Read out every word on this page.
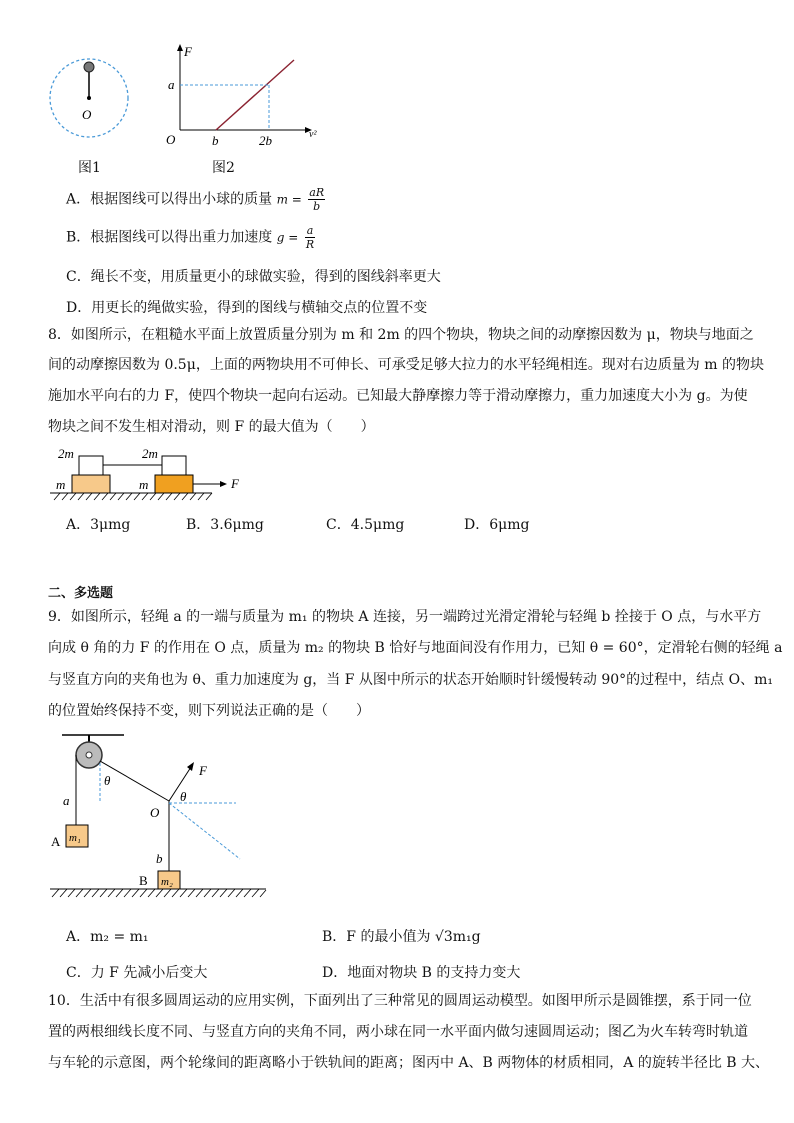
O
图1
F
a
O	b	2b	v²
图2
A．根据图线可以得出小球的质量 $m = \frac{aR}{b}$
B．根据图线可以得出重力加速度 $g = \frac{a}{R}$
C．绳长不变，用质量更小的球做实验，得到的图线斜率更大
D．用更长的绳做实验，得到的图线与横轴交点的位置不变
8．如图所示，在粗糙水平面上放置质量分别为 m 和 2m 的四个物块，物块之间的动摩擦因数为 μ，物块与地面之
间的动摩擦因数为 0.5μ，上面的两物块用不可伸长、可承受足够大拉力的水平轻绳相连。现对右边质量为 m 的物块
施加水平向右的力 F，使四个物块一起向右运动。已知最大静摩擦力等于滑动摩擦力，重力加速度大小为 g。为使
物块之间不发生相对滑动，则 F 的最大值为（　　）
2m	2m
m	m	F
A．3μmg	B．3.6μmg	C．4.5μmg	D．6μmg
二、多选题
9．如图所示，轻绳 a 的一端与质量为 m₁ 的物块 A 连接，另一端跨过光滑定滑轮与轻绳 b 拴接于 O 点，与水平方
向成 θ 角的力 F 的作用在 O 点，质量为 m₂ 的物块 B 恰好与地面间没有作用力，已知 θ = 60°，定滑轮右侧的轻绳 a
与竖直方向的夹角也为 θ、重力加速度为 g，当 F 从图中所示的状态开始顺时针缓慢转动 90°的过程中，结点 O、m₁
的位置始终保持不变，则下列说法正确的是（　　）
θ
θ
F
O
a
b
A
B
m₁
m₂
A．m₂ = m₁	B．F 的最小值为 √3m₁g
C．力 F 先减小后变大	D．地面对物块 B 的支持力变大
10．生活中有很多圆周运动的应用实例，下面列出了三种常见的圆周运动模型。如图甲所示是圆锥摆，系于同一位
置的两根细线长度不同、与竖直方向的夹角不同，两小球在同一水平面内做匀速圆周运动；图乙为火车转弯时轨道
与车轮的示意图，两个轮缘间的距离略小于铁轨间的距离；图丙中 A、B 两物体的材质相同，A 的旋转半径比 B 大、
